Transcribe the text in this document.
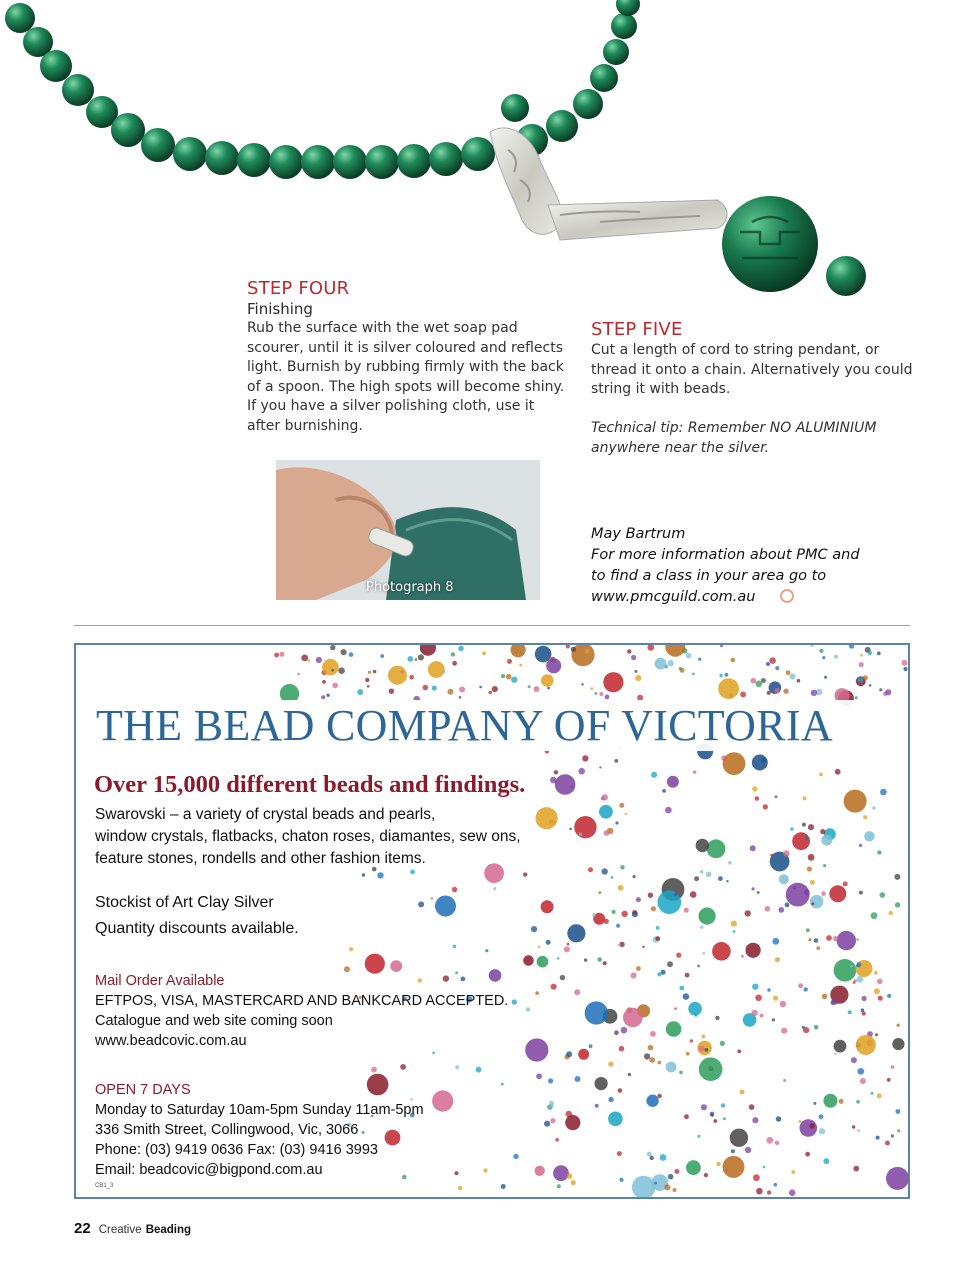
STEP FOUR
Finishing
Rub the surface with the wet soap pad
scourer, until it is silver coloured and reflects
light. Burnish by rubbing firmly with the back
of a spoon. The high spots will become shiny.
If you have a silver polishing cloth, use it
after burnishing.
STEP FIVE
Cut a length of cord to string pendant, or
thread it onto a chain. Alternatively you could
string it with beads.
Technical tip: Remember NO ALUMINIUM
anywhere near the silver.
Photograph 8
May Bartrum
For more information about PMC and
to find a class in your area go to
www.pmcguild.com.au
THE BEAD COMPANY OF VICTORIA
Over 15,000 different beads and findings.
Swarovski – a variety of crystal beads and pearls,
window crystals, flatbacks, chaton roses, diamantes, sew ons,
feature stones, rondells and other fashion items.
Stockist of Art Clay Silver
Quantity discounts available.
Mail Order Available
EFTPOS, VISA, MASTERCARD AND BANKCARD ACCEPTED.
Catalogue and web site coming soon
www.beadcovic.com.au
OPEN 7 DAYS
Monday to Saturday 10am-5pm Sunday 11am-5pm
336 Smith Street, Collingwood, Vic, 3066
Phone: (03) 9419 0636 Fax: (03) 9416 3993
Email: beadcovic@bigpond.com.au
CB1_3
22 Creative Beading
